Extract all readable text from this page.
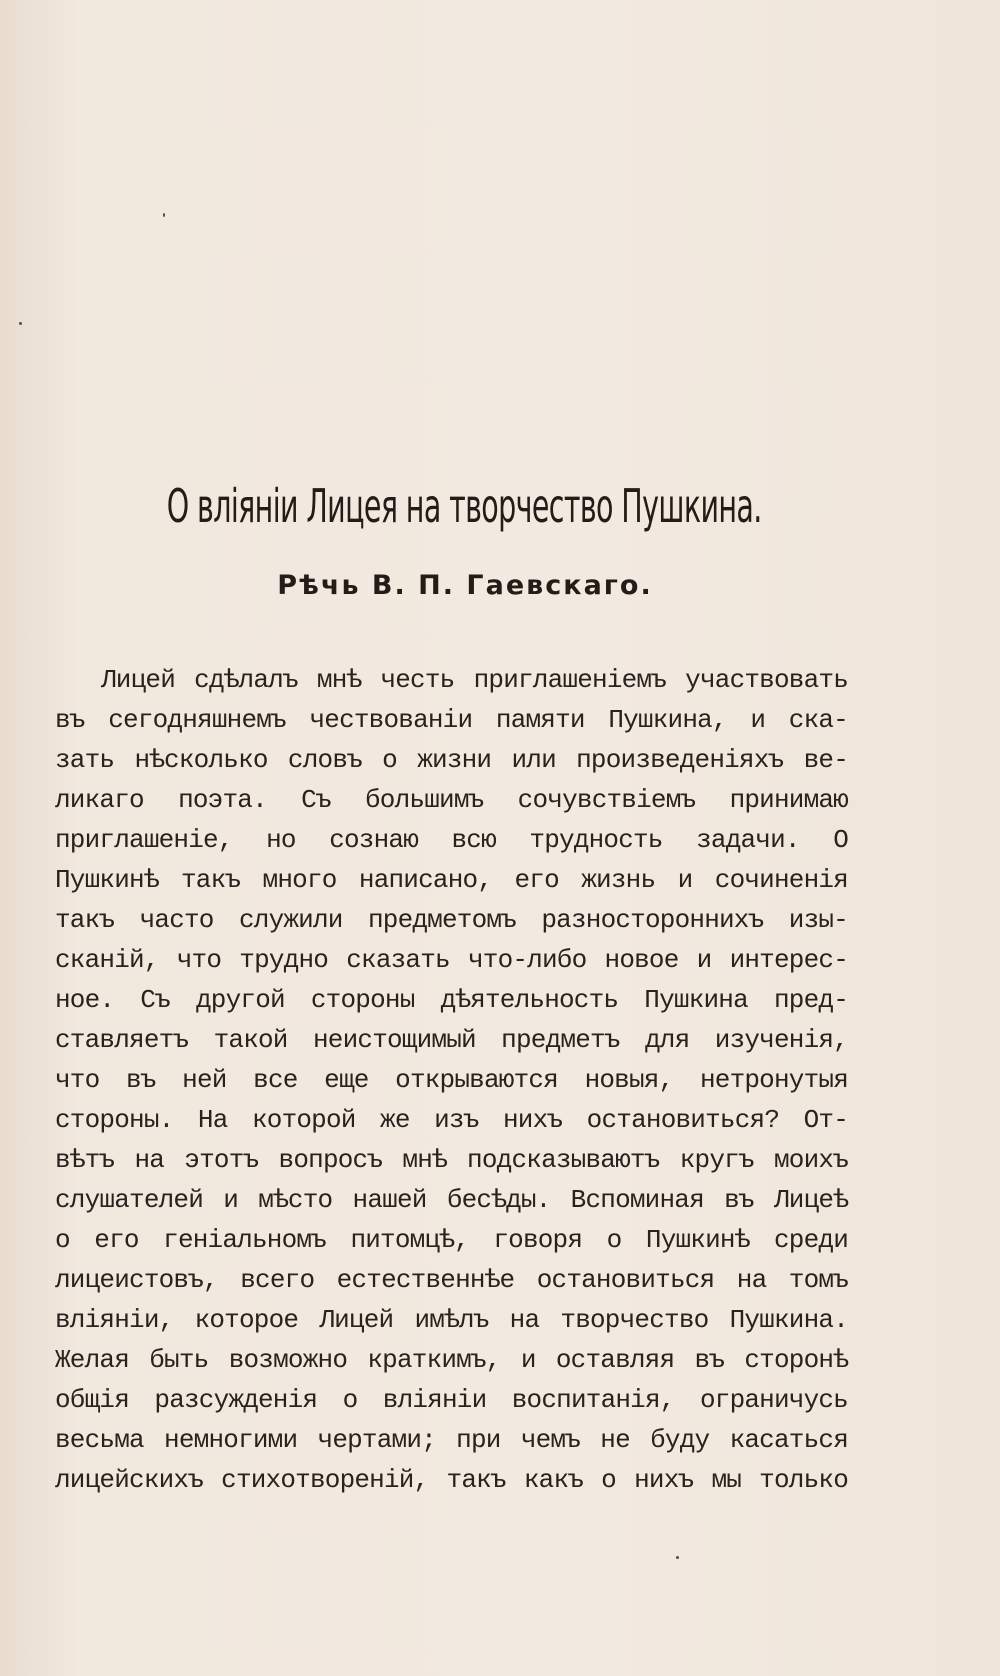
О вліяніи Лицея на творчество Пушкина.
Рѣчь В. П. Гаевскаго.
Лицей сдѣлалъ мнѣ честь приглашеніемъ участвовать
въ сегодняшнемъ чествованіи памяти Пушкина, и ска-
зать нѣсколько словъ о жизни или произведеніяхъ ве-
ликаго поэта. Съ большимъ сочувствіемъ принимаю
приглашеніе, но сознаю всю трудность задачи. О
Пушкинѣ такъ много написано, его жизнь и сочиненія
такъ часто служили предметомъ разностороннихъ изы-
сканій, что трудно сказать что-либо новое и интерес-
ное. Съ другой стороны дѣятельность Пушкина пред-
ставляетъ такой неистощимый предметъ для изученія,
что въ ней все еще открываются новыя, нетронутыя
стороны. На которой же изъ нихъ остановиться? От-
вѣтъ на этотъ вопросъ мнѣ подсказываютъ кругъ моихъ
слушателей и мѣсто нашей бесѣды. Вспоминая въ Лицеѣ
о его геніальномъ питомцѣ, говоря о Пушкинѣ среди
лицеистовъ, всего естественнѣе остановиться на томъ
вліяніи, которое Лицей имѣлъ на творчество Пушкина.
Желая быть возможно краткимъ, и оставляя въ сторонѣ
общія разсужденія о вліяніи воспитанія, ограничусь
весьма немногими чертами; при чемъ не буду касаться
лицейскихъ стихотвореній, такъ какъ о нихъ мы только
